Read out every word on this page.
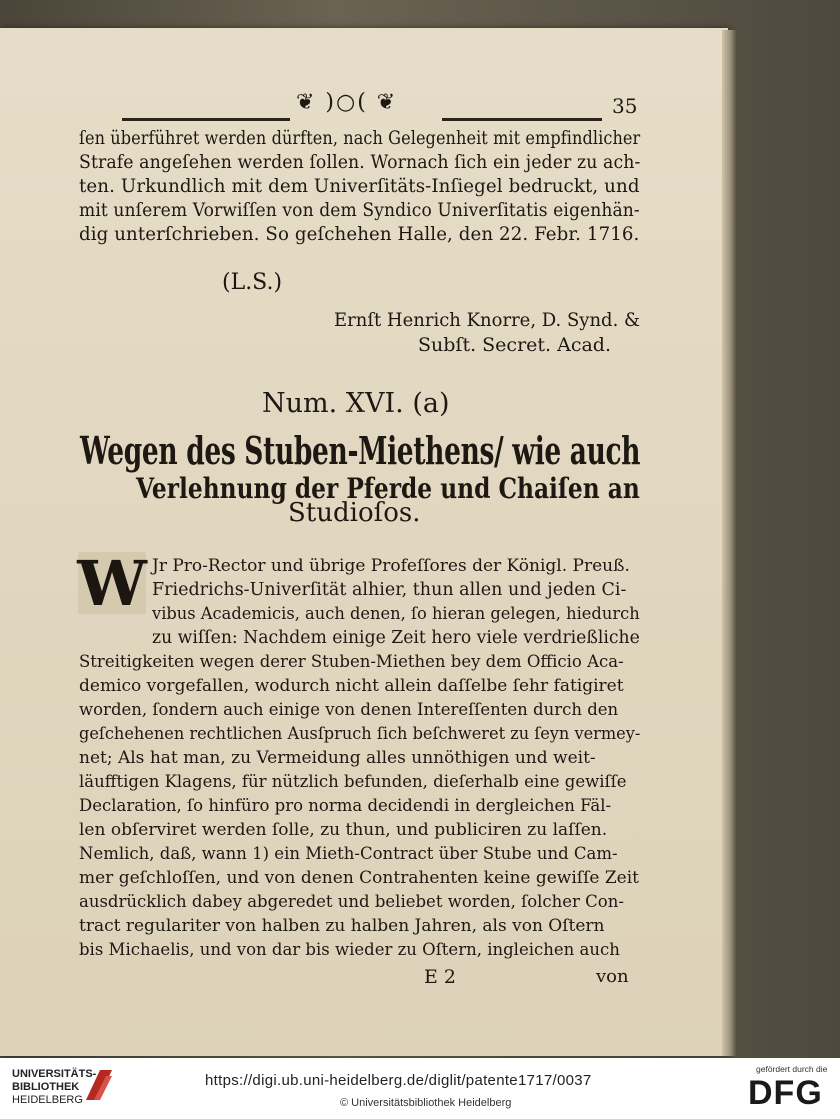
❦ )○( ❦	35
ſen überführet werden dürften, nach Gelegenheit mit empfindlicher
Strafe angeſehen werden ſollen. Wornach ſich ein jeder zu ach-
ten. Urkundlich mit dem Univerſitäts-Inſiegel bedruckt, und
mit unſerem Vorwiſſen von dem Syndico Univerſitatis eigenhän-
dig unterſchrieben. So geſchehen Halle, den 22. Febr. 1716.
(L.S.)
Ernſt Henrich Knorre, D. Synd. &
Subſt. Secret. Acad.
Num. XVI. (a)
Wegen des Stuben-Miethens/ wie auch
Verlehnung der Pferde und Chaiſen an
Studioſos.
W Jr Pro-Rector und übrige Profeſſores der Königl. Preuß.
Friedrichs-Univerſität alhier, thun allen und jeden Ci-
vibus Academicis, auch denen, ſo hieran gelegen, hiedurch
zu wiſſen: Nachdem einige Zeit hero viele verdrießliche
Streitigkeiten wegen derer Stuben-Miethen bey dem Officio Aca-
demico vorgefallen, wodurch nicht allein daſſelbe ſehr fatigiret
worden, ſondern auch einige von denen Intereſſenten durch den
geſchehenen rechtlichen Ausſpruch ſich beſchweret zu ſeyn vermey-
net; Als hat man, zu Vermeidung alles unnöthigen und weit-
läufftigen Klagens, für nützlich befunden, dieſerhalb eine gewiſſe
Declaration, ſo hinfüro pro norma decidendi in dergleichen Fäl-
len obſerviret werden ſolle, zu thun, und publiciren zu laſſen.
Nemlich, daß, wann 1) ein Mieth-Contract über Stube und Cam-
mer geſchloſſen, und von denen Contrahenten keine gewiſſe Zeit
ausdrücklich dabey abgeredet und beliebet worden, ſolcher Con-
tract regulariter von halben zu halben Jahren, als von Oſtern
bis Michaelis, und von dar bis wieder zu Oſtern, ingleichen auch
E 2	von
UNIVERSITÄTS-
BIBLIOTHEK
HEIDELBERG
https://digi.ub.uni-heidelberg.de/diglit/patente1717/0037
© Universitätsbibliothek Heidelberg
gefördert durch die
DFG
